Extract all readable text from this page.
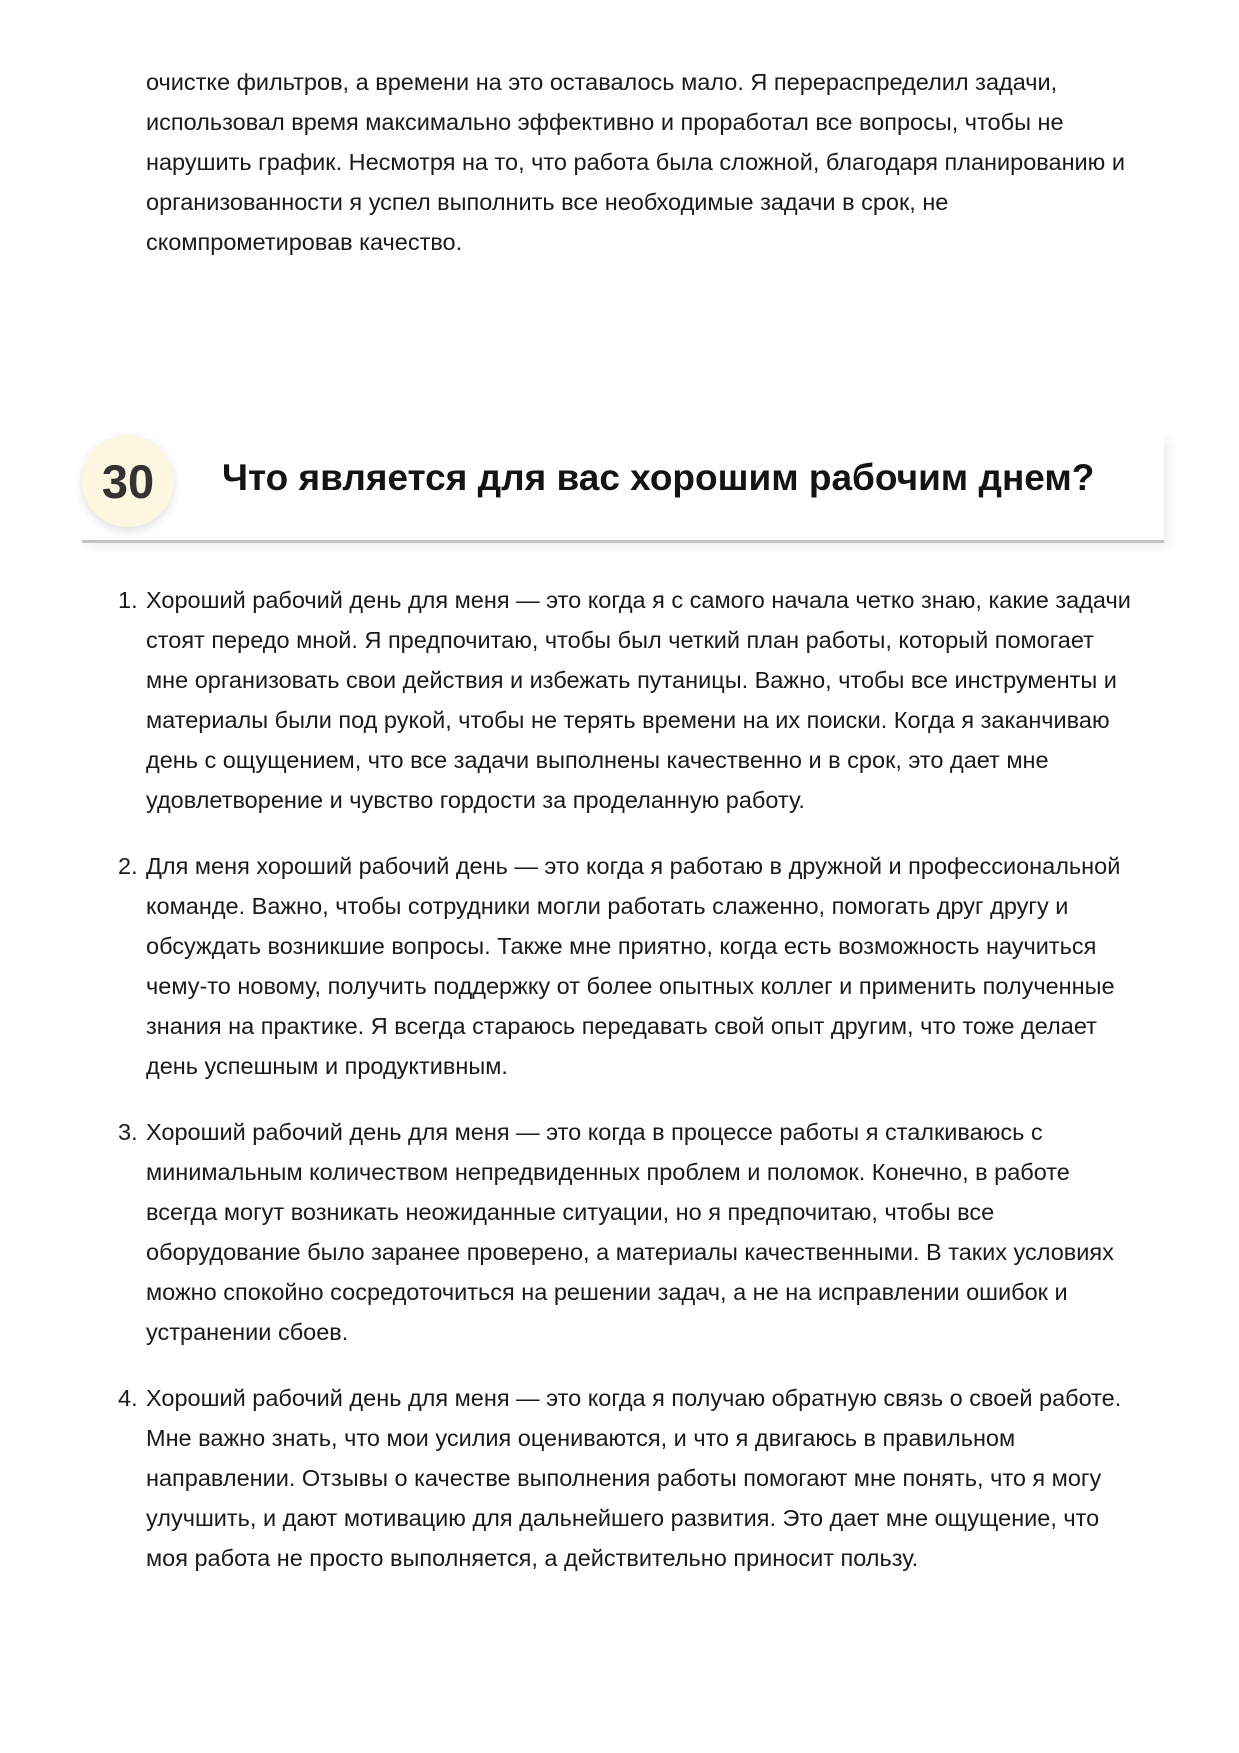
очистке фильтров, а времени на это оставалось мало. Я перераспределил задачи, использовал время максимально эффективно и проработал все вопросы, чтобы не нарушить график. Несмотря на то, что работа была сложной, благодаря планированию и организованности я успел выполнить все необходимые задачи в срок, не скомпрометировав качество.

30	Что является для вас хорошим рабочим днем?
1. Хороший рабочий день для меня — это когда я с самого начала четко знаю, какие задачи стоят передо мной. Я предпочитаю, чтобы был четкий план работы, который помогает мне организовать свои действия и избежать путаницы. Важно, чтобы все инструменты и материалы были под рукой, чтобы не терять времени на их поиски. Когда я заканчиваю день с ощущением, что все задачи выполнены качественно и в срок, это дает мне удовлетворение и чувство гордости за проделанную работу.
2. Для меня хороший рабочий день — это когда я работаю в дружной и профессиональной команде. Важно, чтобы сотрудники могли работать слаженно, помогать друг другу и обсуждать возникшие вопросы. Также мне приятно, когда есть возможность научиться чему-то новому, получить поддержку от более опытных коллег и применить полученные знания на практике. Я всегда стараюсь передавать свой опыт другим, что тоже делает день успешным и продуктивным.
3. Хороший рабочий день для меня — это когда в процессе работы я сталкиваюсь с минимальным количеством непредвиденных проблем и поломок. Конечно, в работе всегда могут возникать неожиданные ситуации, но я предпочитаю, чтобы все оборудование было заранее проверено, а материалы качественными. В таких условиях можно спокойно сосредоточиться на решении задач, а не на исправлении ошибок и устранении сбоев.
4. Хороший рабочий день для меня — это когда я получаю обратную связь о своей работе. Мне важно знать, что мои усилия оцениваются, и что я двигаюсь в правильном направлении. Отзывы о качестве выполнения работы помогают мне понять, что я могу улучшить, и дают мотивацию для дальнейшего развития. Это дает мне ощущение, что моя работа не просто выполняется, а действительно приносит пользу.
